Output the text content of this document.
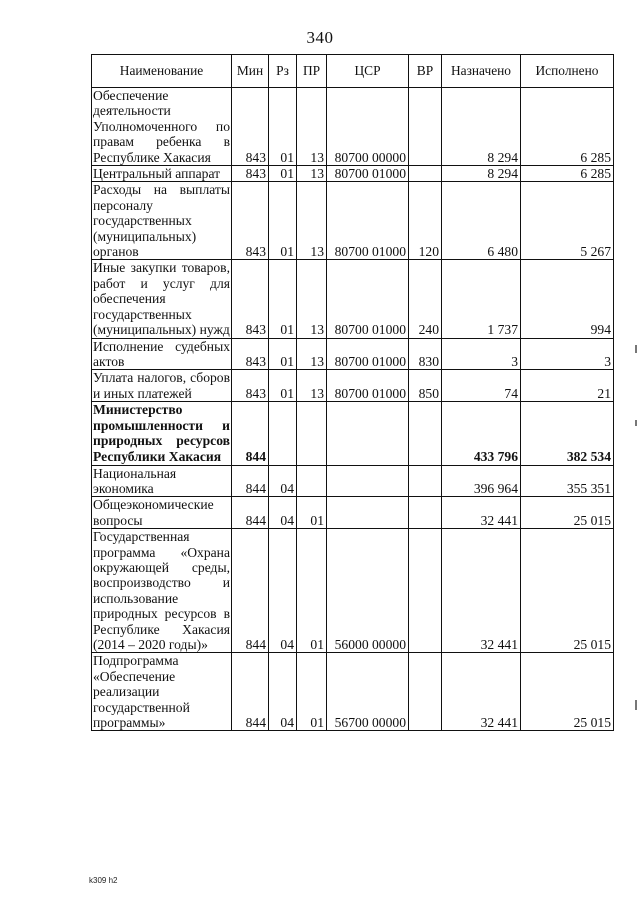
340
Наименование	Мин	Рз	ПР	ЦСР	ВР	Назначено	Исполнено
Обеспечение деятельности Уполномоченного по правам ребенка в Республике Хакасия	843	01	13	80700 00000		8 294	6 285
Центральный аппарат	843	01	13	80700 01000		8 294	6 285
Расходы на выплаты персоналу государственных (муниципальных) органов	843	01	13	80700 01000	120	6 480	5 267
Иные закупки товаров, работ и услуг для обеспечения государственных (муниципальных) нужд	843	01	13	80700 01000	240	1 737	994
Исполнение судебных актов	843	01	13	80700 01000	830	3	3
Уплата налогов, сборов и иных платежей	843	01	13	80700 01000	850	74	21
Министерство промышленности и природных ресурсов Республики Хакасия	844					433 796	382 534
Национальная экономика	844	04				396 964	355 351
Общеэкономические вопросы	844	04	01			32 441	25 015
Государственная программа «Охрана окружающей среды, воспроизводство и использование природных ресурсов в Республике Хакасия (2014 – 2020 годы)»	844	04	01	56000 00000		32 441	25 015
Подпрограмма «Обеспечение реализации государственной программы»	844	04	01	56700 00000		32 441	25 015
k309 h2
